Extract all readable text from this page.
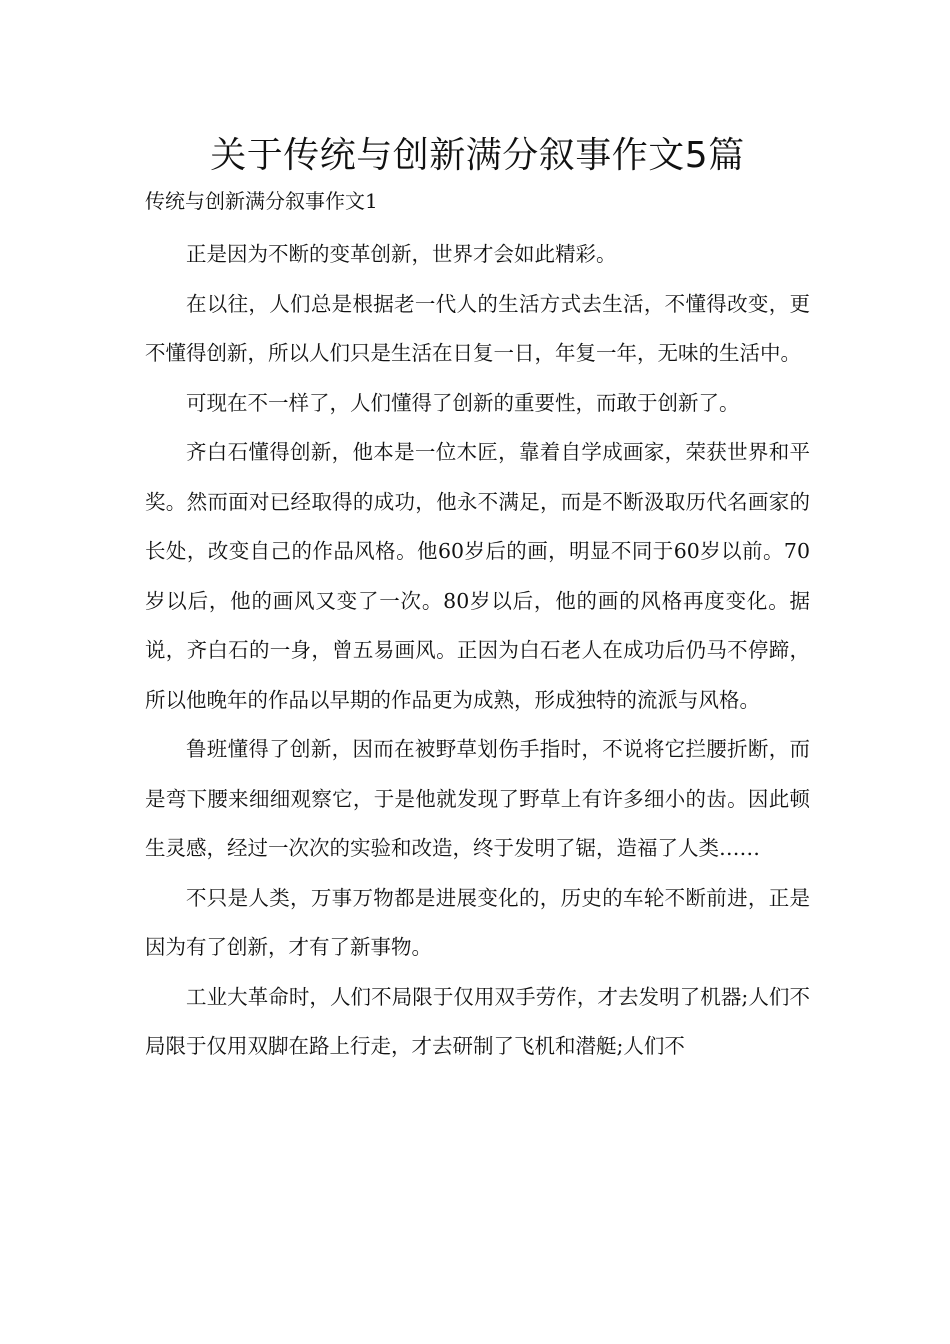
关于传统与创新满分叙事作文5篇

传统与创新满分叙事作文1

正是因为不断的变革创新，世界才会如此精彩。

在以往，人们总是根据老一代人的生活方式去生活，不懂得改变，更不懂得创新，所以人们只是生活在日复一日，年复一年，无味的生活中。

可现在不一样了，人们懂得了创新的重要性，而敢于创新了。

齐白石懂得创新，他本是一位木匠，靠着自学成画家，荣获世界和平奖。然而面对已经取得的成功，他永不满足，而是不断汲取历代名画家的长处，改变自己的作品风格。他60岁后的画，明显不同于60岁以前。70岁以后，他的画风又变了一次。80岁以后，他的画的风格再度变化。据说，齐白石的一身，曾五易画风。正因为白石老人在成功后仍马不停蹄，所以他晚年的作品以早期的作品更为成熟，形成独特的流派与风格。

鲁班懂得了创新，因而在被野草划伤手指时，不说将它拦腰折断，而是弯下腰来细细观察它，于是他就发现了野草上有许多细小的齿。因此顿生灵感，经过一次次的实验和改造，终于发明了锯，造福了人类……

不只是人类，万事万物都是进展变化的，历史的车轮不断前进，正是因为有了创新，才有了新事物。

工业大革命时，人们不局限于仅用双手劳作，才去发明了机器;人们不局限于仅用双脚在路上行走，才去研制了飞机和潜艇;人们不
